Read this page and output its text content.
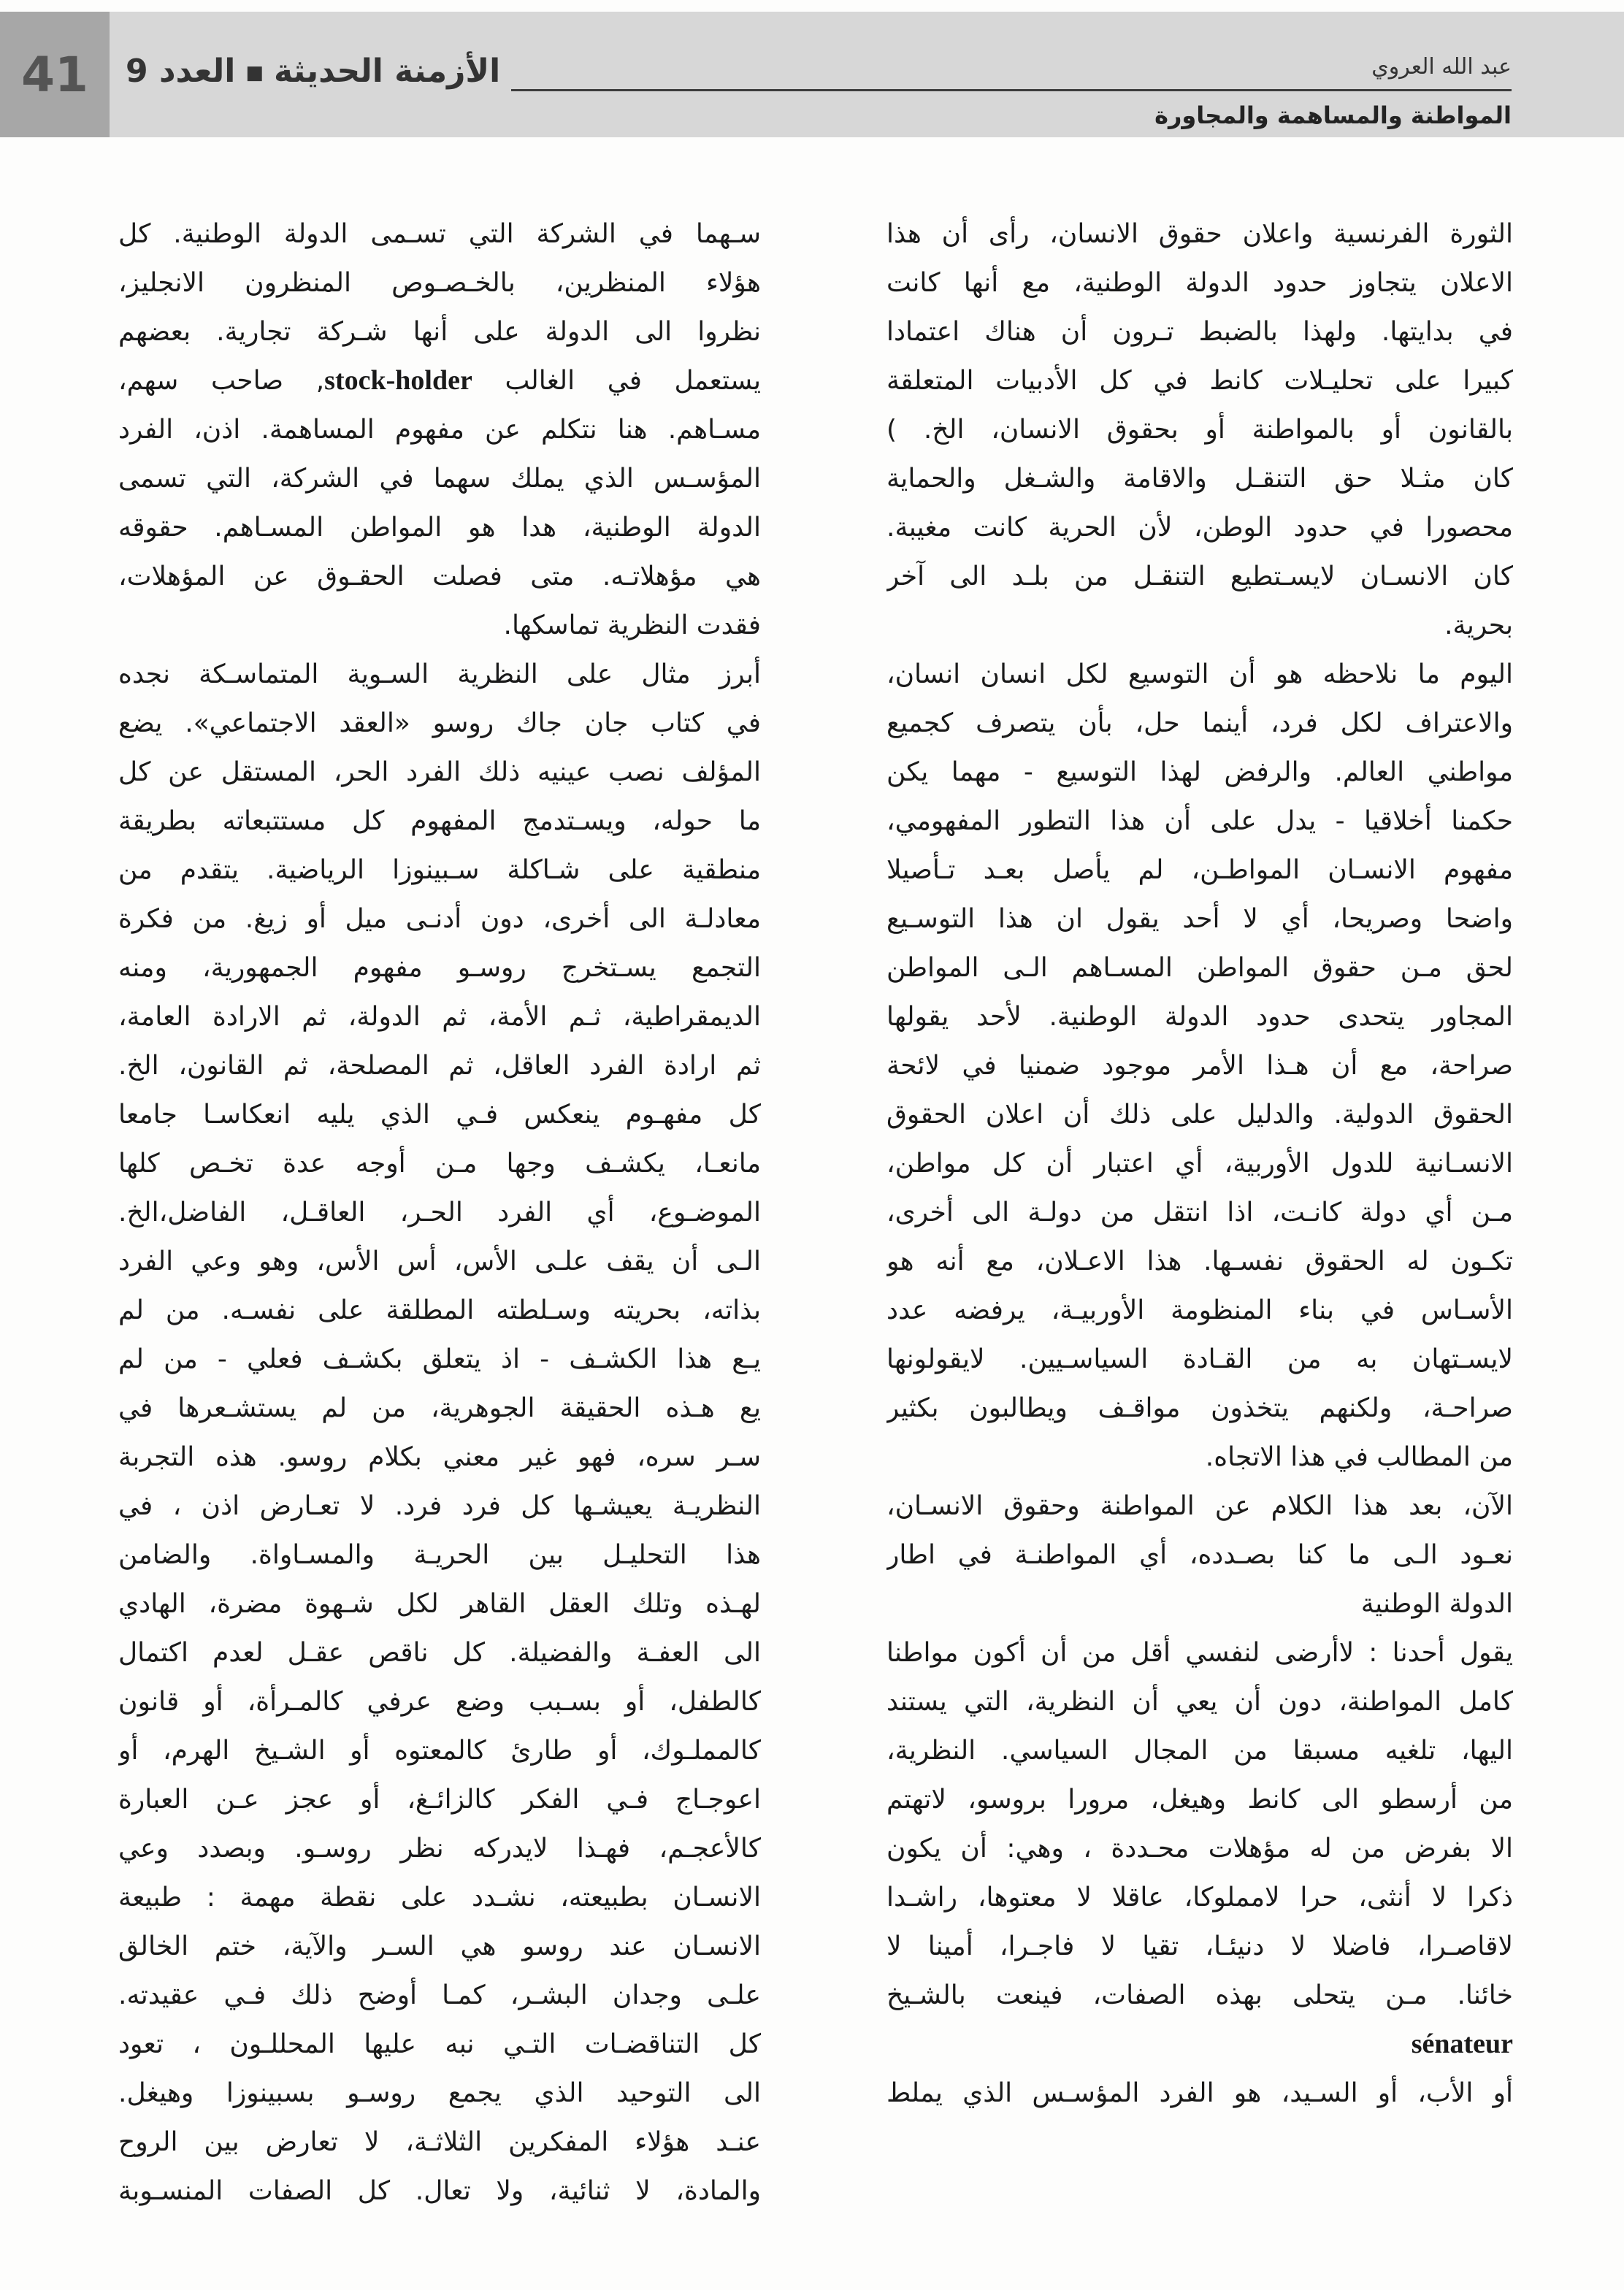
41	الأزمنة الحديثة■العدد 9	عبد الله العروي
المواطنة والمساهمة والمجاورة
الثورة الفرنسية واعلان حقوق الانسان، رأى أن هذا
الاعلان يتجاوز حدود الدولة الوطنية، مع أنها كانت
في بدايتها. ولهذا بالضبط تـرون أن هناك اعتمادا
كبيرا على تحليـلات كانط في كل الأدبيات المتعلقة
بالقانون أو بالمواطنة أو بحقوق الانسان، الخ. )
كان مثـلا حق التنقـل والاقامة والشـغل والحماية
محصورا في حدود الوطن، لأن الحرية كانت مغيبة.
كان الانسـان لايسـتطيع التنقـل من بلـد الى آخر
بحرية.
اليوم ما نلاحظه هو أن التوسيع لكل انسان انسان،
والاعتراف لكل فرد، أينما حل، بأن يتصرف كجميع
مواطني العالم. والرفض لهذا التوسيع - مهما يكن
حكمنا أخلاقيا - يدل على أن هذا التطور المفهومي،
مفهوم الانسـان المواطـن، لم يأصل بعـد تـأصيلا
واضحا وصريحا، أي لا أحد يقول ان هذا التوسـيع
لحق مـن حقوق المواطن المسـاهم الـى المواطن
المجاور يتحدى حدود الدولة الوطنية. لأحد يقولها
صراحة، مع أن هـذا الأمر موجود ضمنيا في لائحة
الحقوق الدولية. والدليل على ذلك أن اعلان الحقوق
الانسـانية للدول الأوربية، أي اعتبار أن كل مواطن،
مـن أي دولة كانـت، اذا انتقل من دولـة الى أخرى،
تكـون له الحقوق نفسـها. هذا الاعـلان، مع أنه هو
الأسـاس في بناء المنظومة الأوربيـة، يرفضه عدد
لايسـتهان به من القـادة السياسـيين. لايقولونها
صراحـة، ولكنهم يتخذون مواقـف ويطالبون بكثير
من المطالب في هذا الاتجاه.
الآن، بعد هذا الكلام عن المواطنة وحقوق الانسـان،
نعـود الـى ما كنا بصـدده، أي المواطنـة في اطار
الدولة الوطنية
يقول أحدنا : لاأرضى لنفسي أقل من أن أكون مواطنا
كامل المواطنة، دون أن يعي أن النظرية، التي يستند
اليها، تلغيه مسبقا من المجال السياسي. النظرية،
من أرسطو الى كانط وهيغل، مرورا بروسو، لاتهتم
الا بفرض من له مؤهلات محـددة ، وهي: أن يكون
ذكرا لا أنثى، حرا لامملوكا، عاقلا لا معتوها، راشـدا
لاقاصـرا، فاضلا لا دنيئـا، تقيا لا فاجـرا، أمينا لا
خائنا. مـن يتحلى بهذه الصفات، فينعت بالشـيخ
sénateur
أو الأب، أو السـيد، هو الفرد المؤسـس الذي يملط
سـهما في الشركة التي تسـمى الدولة الوطنية. كل
هؤلاء المنظرين، بالخـصـوص المنظرون الانجليز،
نظروا الى الدولة على أنها شـركة تجارية. بعضهم
يستعمل في الغالب stock-holder, صاحب سهم،
مسـاهم. هنا نتكلم عن مفهوم المساهمة. اذن، الفرد
المؤسـس الذي يملك سهما في الشركة، التي تسمى
الدولة الوطنية، هدا هو المواطن المسـاهم. حقوقه
هي مؤهلاتـه. متى فصلت الحقـوق عن المؤهلات،
فقدت النظرية تماسكها.
أبرز مثال على النظرية السـوية المتماسـكة نجده
في كتاب جان جاك روسو «العقد الاجتماعي». يضع
المؤلف نصب عينيه ذلك الفرد الحر، المستقل عن كل
ما حوله، ويسـتدمج المفهوم كل مستتبعاته بطريقة
منطقية على شـاكلة سـبينوزا الرياضية. يتقدم من
معادلـة الى أخرى، دون أدنـى ميل أو زيغ. من فكرة
التجمع يسـتخرج روسـو مفهوم الجمهورية، ومنه
الديمقراطية، ثـم الأمة، ثم الدولة، ثم الارادة العامة،
ثم ارادة الفرد العاقل، ثم المصلحة، ثم القانون، الخ.
كل مفهـوم ينعكس فـي الذي يليه انعكاسـا جامعا
مانعـا، يكشـف وجها مـن أوجه عدة تخـص كلها
الموضـوع، أي الفرد الحـر، العاقـل، الفاضل،الخ.
الـى أن يقف علـى الأس، أس الأس، وهو وعي الفرد
بذاته، بحريته وسـلطته المطلقة على نفسـه. من لم
يـع هذا الكشـف - اذ يتعلق بكشـف فعلي - من لم
يع هـذه الحقيقة الجوهرية، من لم يستشـعرها في
سـر سره، فهو غير معني بكلام روسو. هذه التجربة
النظريـة يعيشـها كل فرد فرد. لا تعـارض اذن ، في
هذا التحليـل بين الحريـة والمسـاواة. والضامن
لهـذه وتلك العقل القاهر لكل شـهوة مضرة، الهادي
الى العفـة والفضيلة. كل ناقص عقـل لعدم اكتمال
كالطفل، أو بسـبب وضع عرفي كالمـرأة، أو قانون
كالمملـوك، أو طارئ كالمعتوه أو الشـيخ الهرم، أو
اعوجـاج فـي الفكر كالزائـغ، أو عجز عـن العبارة
كالأعجـم، فهـذا لايدركه نظر روسـو. وبصدد وعي
الانسـان بطبيعته، نشـدد على نقطة مهمة : طبيعة
الانسـان عند روسو هي السـر والآية، ختم الخالق
علـى وجدان البشـر، كمـا أوضح ذلك فـي عقيدته.
كل التناقضـات التـي نبه عليها المحللـون ، تعود
الى التوحيد الذي يجمع روسـو بسبينوزا وهيغل.
عنـد هؤلاء المفكرين الثلاثـة، لا تعارض بين الروح
والمادة، لا ثنائية، ولا تعال. كل الصفات المنسـوبة
